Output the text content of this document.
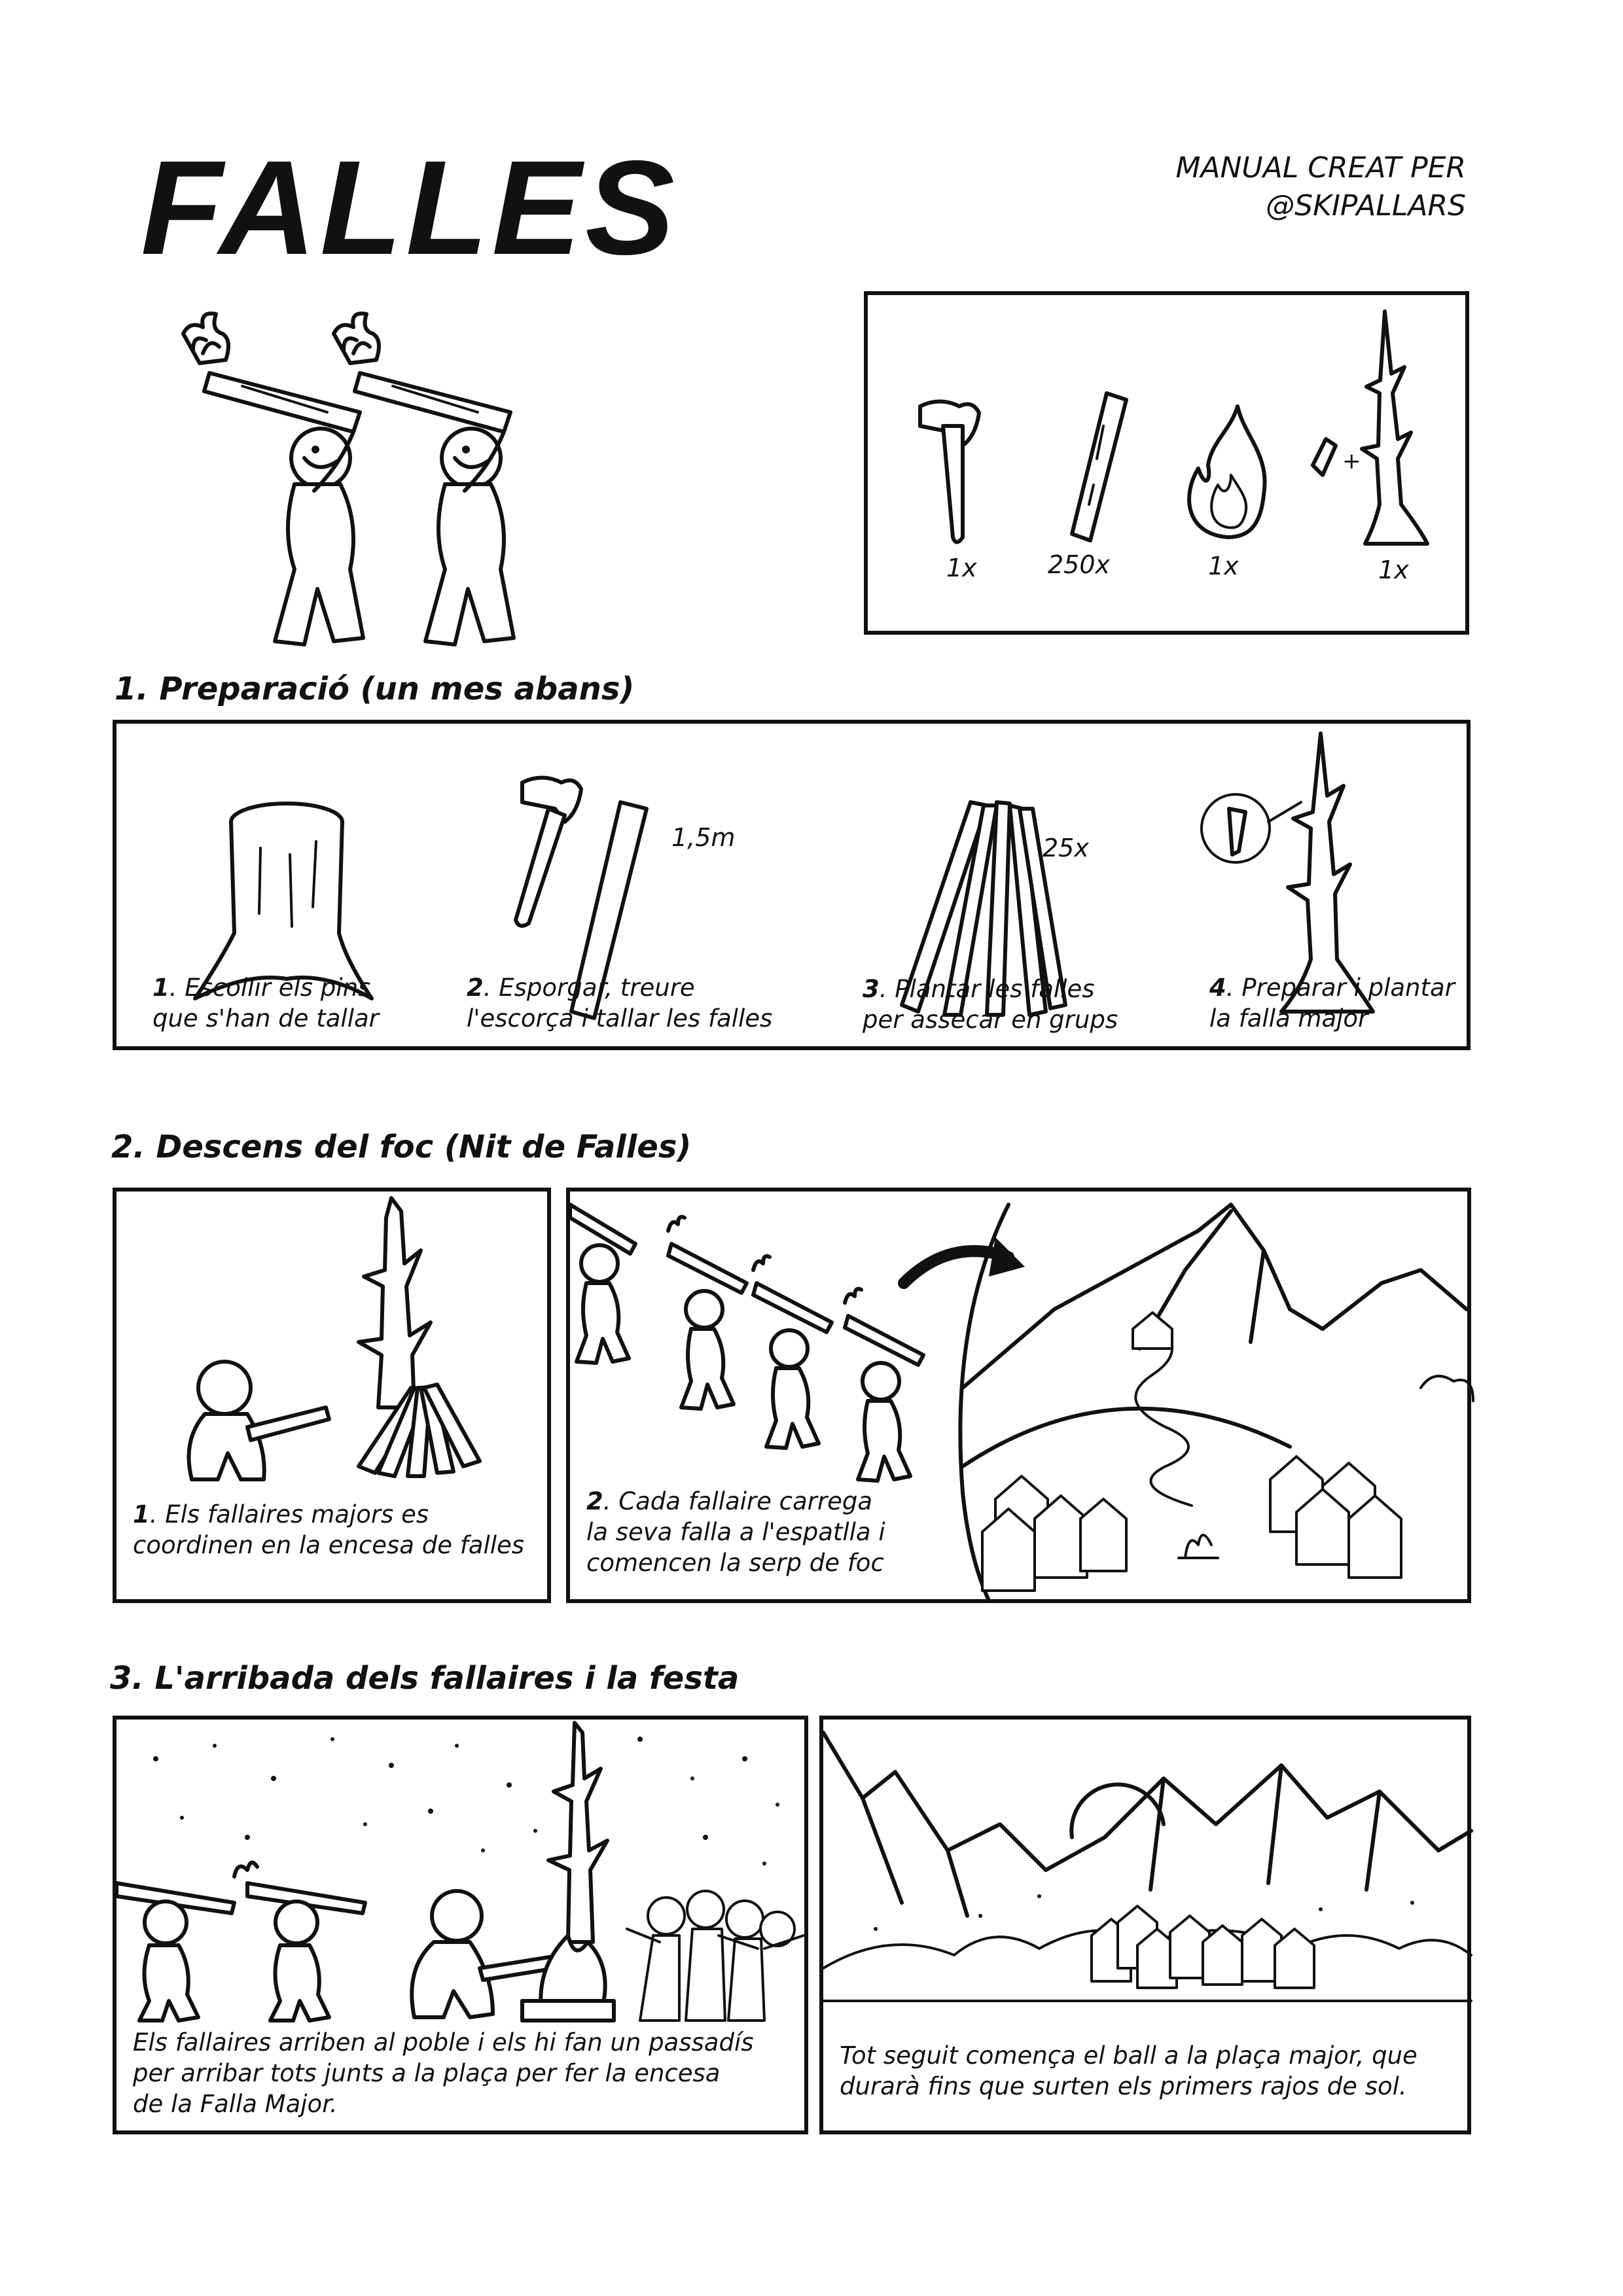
FALLES	MANUAL CREAT PER
@SKIPALLARS
1x	250x	1x
+
1x
1. Preparació (un mes abans)
1,5m	25x
1. Escollir els pins
que s'han de tallar
2. Esporgar, treure
l'escorça i tallar les falles
3. Plantar les falles
per assecar en grups
4. Preparar i plantar
la falla major
2. Descens del foc (Nit de Falles)
1. Els fallaires majors es
coordinen en la encesa de falles
2. Cada fallaire carrega
la seva falla a l'espatlla i
comencen la serp de foc
3. L'arribada dels fallaires i la festa
Els fallaires arriben al poble i els hi fan un passadís
per arribar tots junts a la plaça per fer la encesa
de la Falla Major.
Tot seguit comença el ball a la plaça major, que
durarà fins que surten els primers rajos de sol.
